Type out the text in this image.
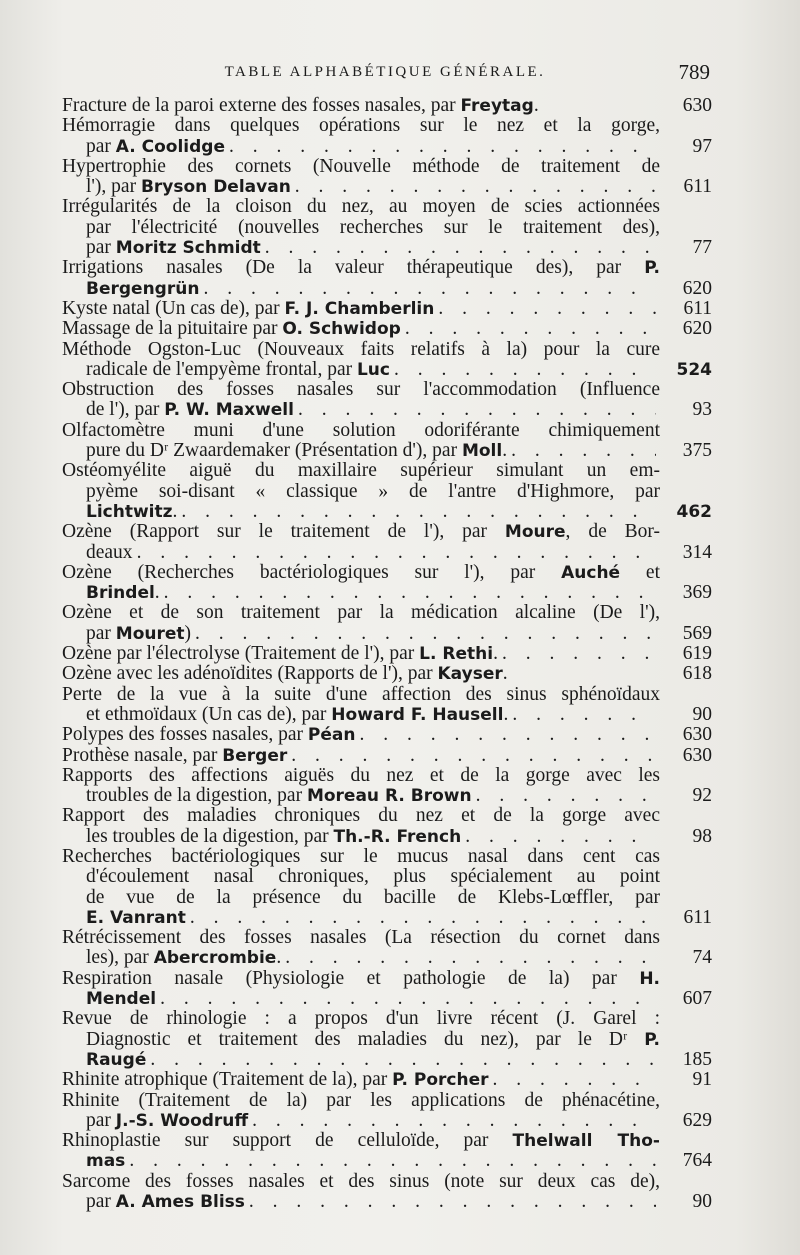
TABLE ALPHABÉTIQUE GÉNÉRALE.	789
Fracture de la paroi externe des fosses nasales, par Freytag.	630
Hémorragie dans quelques opérations sur le nez et la gorge,
par A. Coolidge . . .	97
Hypertrophie des cornets (Nouvelle méthode de traitement de
l'), par Bryson Delavan . . .	611
Irrégularités de la cloison du nez, au moyen de scies actionnées
par l'électricité (nouvelles recherches sur le traitement des),
par Moritz Schmidt . . .	77
Irrigations nasales (De la valeur thérapeutique des), par P.
Bergengrün . . .	620
Kyste natal (Un cas de), par F. J. Chamberlin . . .	611
Massage de la pituitaire par O. Schwidop . . .	620
Méthode Ogston-Luc (Nouveaux faits relatifs à la) pour la cure
radicale de l'empyème frontal, par Luc . . .	524
Obstruction des fosses nasales sur l'accommodation (Influence
de l'), par P. W. Maxwell . . .	93
Olfactomètre muni d'une solution odoriférante chimiquement
pure du Dʳ Zwaardemaker (Présentation d'), par Moll. . . .	375
Ostéomyélite aiguë du maxillaire supérieur simulant un em-
pyème soi-disant « classique » de l'antre d'Highmore, par
Lichtwitz. . . .	462
Ozène (Rapport sur le traitement de l'), par Moure, de Bor-
deaux . . .	314
Ozène (Recherches bactériologiques sur l'), par Auché et
Brindel. . . .	369
Ozène et de son traitement par la médication alcaline (De l'),
par Mouret) . . .	569
Ozène par l'électrolyse (Traitement de l'), par L. Rethi. . . .	619
Ozène avec les adénoïdites (Rapports de l'), par Kayser.	618
Perte de la vue à la suite d'une affection des sinus sphénoïdaux
et ethmoïdaux (Un cas de), par Howard F. Hausell. . . .	90
Polypes des fosses nasales, par Péan . . .	630
Prothèse nasale, par Berger . . .	630
Rapports des affections aiguës du nez et de la gorge avec les
troubles de la digestion, par Moreau R. Brown . . .	92
Rapport des maladies chroniques du nez et de la gorge avec
les troubles de la digestion, par Th.-R. French . . .	98
Recherches bactériologiques sur le mucus nasal dans cent cas
d'écoulement nasal chroniques, plus spécialement au point
de vue de la présence du bacille de Klebs-Lœffler, par
E. Vanrant . . .	611
Rétrécissement des fosses nasales (La résection du cornet dans
les), par Abercrombie. . . .	74
Respiration nasale (Physiologie et pathologie de la) par H.
Mendel . . .	607
Revue de rhinologie : a propos d'un livre récent (J. Garel :
Diagnostic et traitement des maladies du nez), par le Dʳ P.
Raugé . . .	185
Rhinite atrophique (Traitement de la), par P. Porcher . . .	91
Rhinite (Traitement de la) par les applications de phénacétine,
par J.-S. Woodruff . . .	629
Rhinoplastie sur support de celluloïde, par Thelwall Tho-
mas . . .	764
Sarcome des fosses nasales et des sinus (note sur deux cas de),
par A. Ames Bliss . . .	90
